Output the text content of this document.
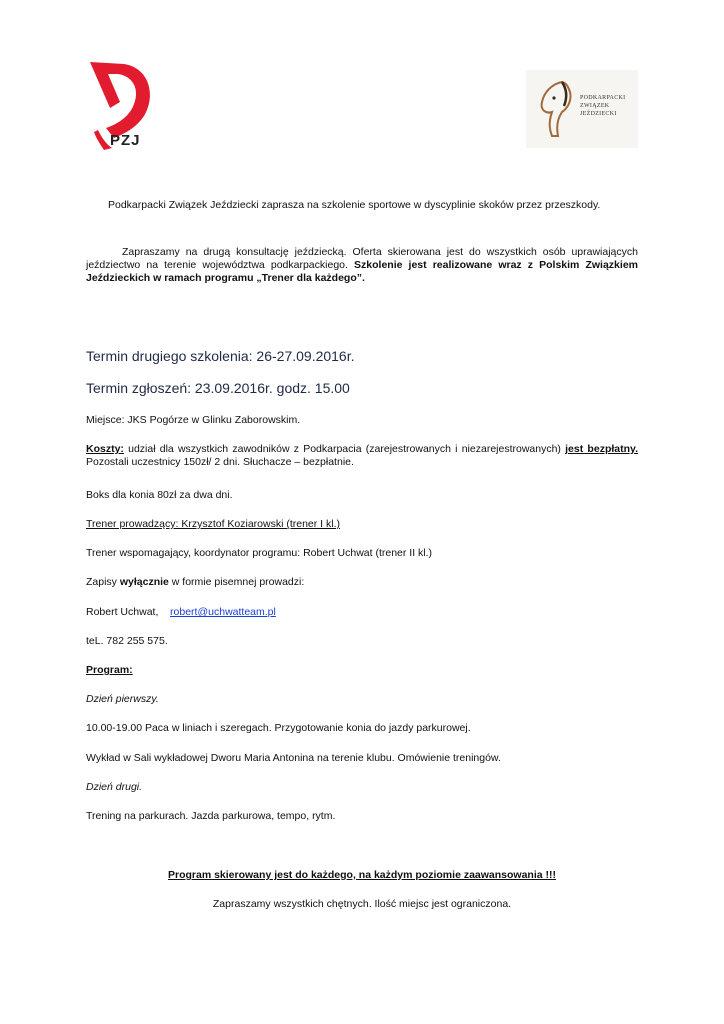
PZJ
PODKARPACKI
ZWIĄZEK
JEŹDZIECKI
Podkarpacki Związek Jeździecki zaprasza na szkolenie sportowe w dyscyplinie skoków przez przeszkody.

Zapraszamy na drugą konsultację jeździecką. Oferta skierowana jest do wszystkich osób uprawiających jeździectwo na terenie województwa podkarpackiego. Szkolenie jest realizowane wraz z Polskim Związkiem Jeździeckich w ramach programu „Trener dla każdego”.

Termin drugiego szkolenia: 26-27.09.2016r.
Termin zgłoszeń: 23.09.2016r. godz. 15.00
Miejsce: JKS Pogórze w Glinku Zaborowskim.
Koszty: udział dla wszystkich zawodników z Podkarpacia (zarejestrowanych i niezarejestrowanych) jest bezpłatny. Pozostali uczestnicy 150zł/ 2 dni. Słuchacze – bezpłatnie.
Boks dla konia 80zł za dwa dni.
Trener prowadzący: Krzysztof Koziarowski (trener I kl.)
Trener wspomagający, koordynator programu: Robert Uchwat (trener II kl.)
Zapisy wyłącznie w formie pisemnej prowadzi:
Robert Uchwat, robert@uchwatteam.pl
teL. 782 255 575.
Program:
Dzień pierwszy.
10.00-19.00 Paca w liniach i szeregach. Przygotowanie konia do jazdy parkurowej.
Wykład w Sali wykładowej Dworu Maria Antonina na terenie klubu. Omówienie treningów.
Dzień drugi.
Trening na parkurach. Jazda parkurowa, tempo, rytm.
Program skierowany jest do każdego, na każdym poziomie zaawansowania !!!
Zapraszamy wszystkich chętnych. Ilość miejsc jest ograniczona.
